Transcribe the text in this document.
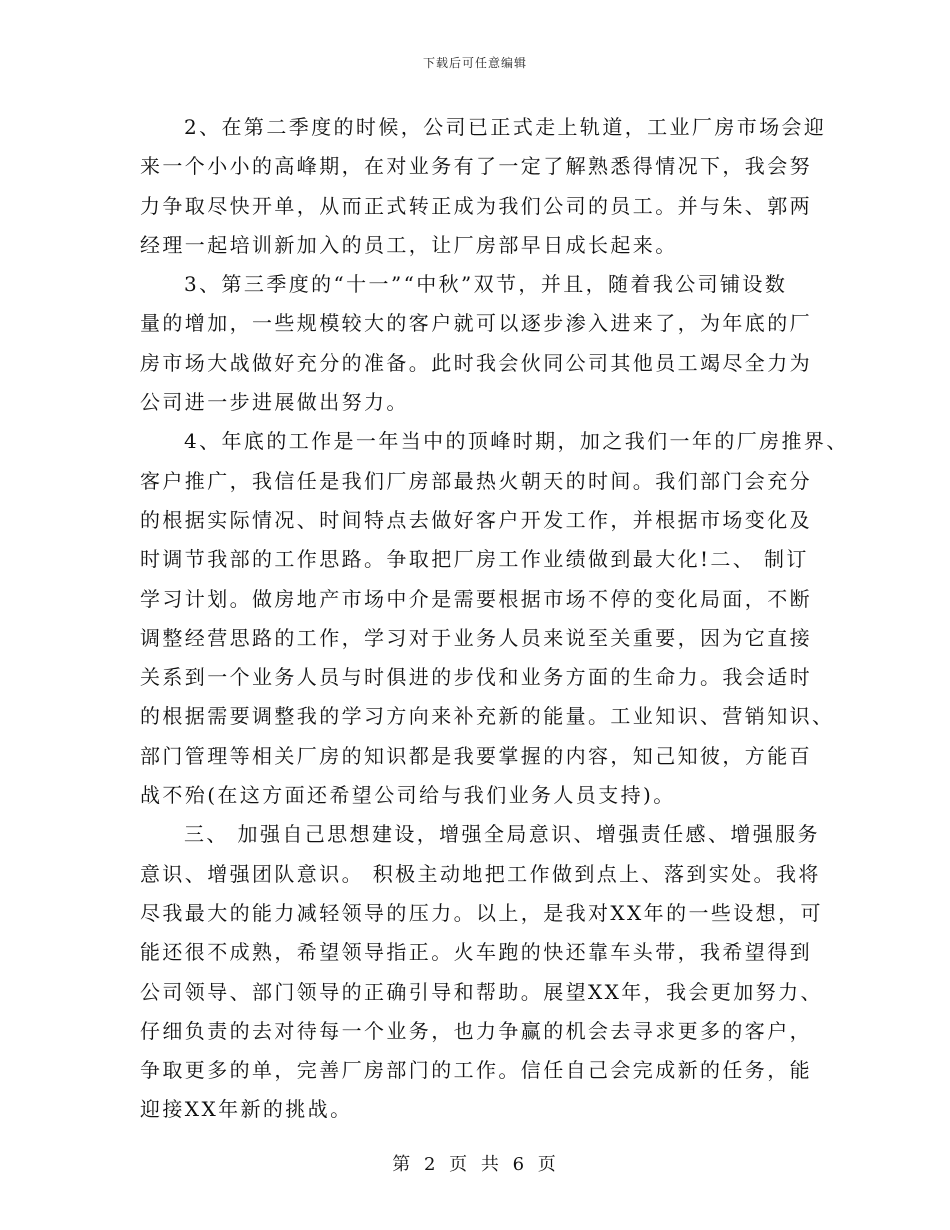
下载后可任意编辑
2、在第二季度的时候，公司已正式走上轨道，工业厂房市场会迎
来一个小小的高峰期，在对业务有了一定了解熟悉得情况下，我会努
力争取尽快开单，从而正式转正成为我们公司的员工。并与朱、郭两
经理一起培训新加入的员工，让厂房部早日成长起来。
3、第三季度的“十一”“中秋”双节，并且，随着我公司铺设数
量的增加，一些规模较大的客户就可以逐步渗入进来了，为年底的厂
房市场大战做好充分的准备。此时我会伙同公司其他员工竭尽全力为
公司进一步进展做出努力。
4、年底的工作是一年当中的顶峰时期，加之我们一年的厂房推界、
客户推广，我信任是我们厂房部最热火朝天的时间。我们部门会充分
的根据实际情况、时间特点去做好客户开发工作，并根据市场变化及
时调节我部的工作思路。争取把厂房工作业绩做到最大化!二、 制订
学习计划。做房地产市场中介是需要根据市场不停的变化局面，不断
调整经营思路的工作，学习对于业务人员来说至关重要，因为它直接
关系到一个业务人员与时俱进的步伐和业务方面的生命力。我会适时
的根据需要调整我的学习方向来补充新的能量。工业知识、营销知识、
部门管理等相关厂房的知识都是我要掌握的内容，知己知彼，方能百
战不殆(在这方面还希望公司给与我们业务人员支持)。
三、 加强自己思想建设，增强全局意识、增强责任感、增强服务
意识、增强团队意识。 积极主动地把工作做到点上、落到实处。我将
尽我最大的能力减轻领导的压力。以上，是我对XX年的一些设想，可
能还很不成熟，希望领导指正。火车跑的快还靠车头带，我希望得到
公司领导、部门领导的正确引导和帮助。展望XX年，我会更加努力、
仔细负责的去对待每一个业务，也力争赢的机会去寻求更多的客户，
争取更多的单，完善厂房部门的工作。信任自己会完成新的任务，能
迎接XX年新的挑战。
第 2 页 共 6 页
